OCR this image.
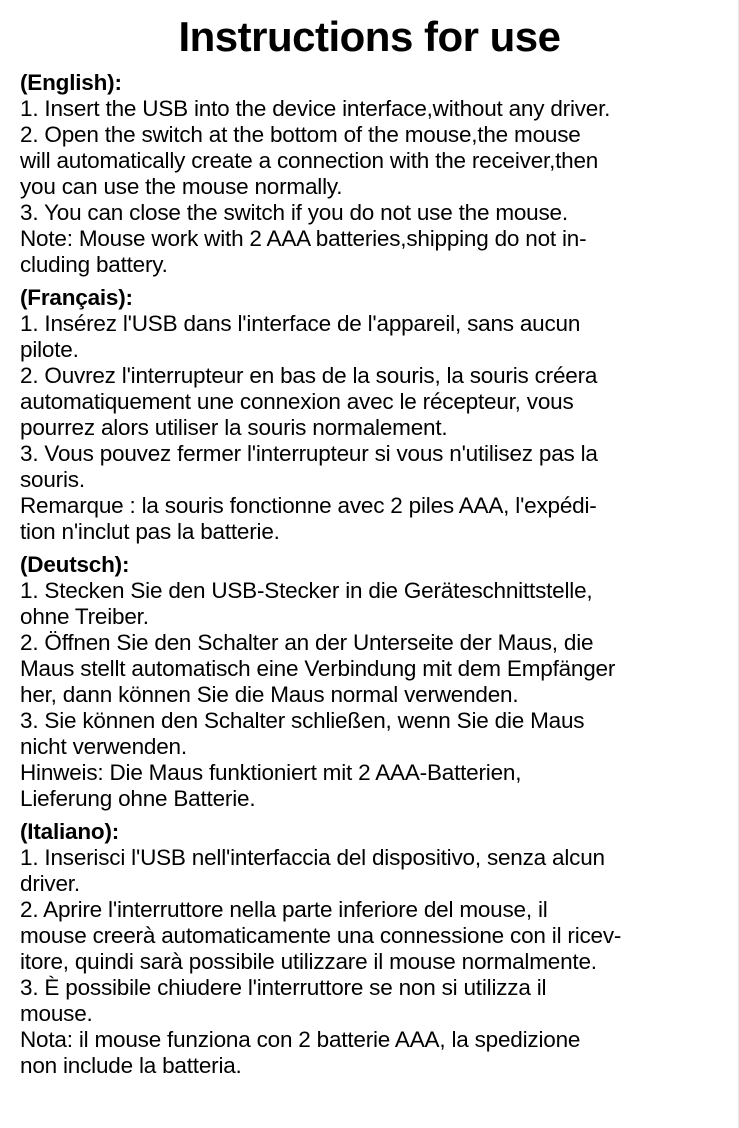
Instructions for use
(English):
1. Insert the USB into the device interface,without any driver.
2. Open the switch at the bottom of the mouse,the mouse
will automatically create a connection with the receiver,then
you can use the mouse normally.
3. You can close the switch if you do not use the mouse.
Note: Mouse work with 2 AAA batteries,shipping do not in-
cluding battery.
(Français):
1. Insérez l'USB dans l'interface de l'appareil, sans aucun
pilote.
2. Ouvrez l'interrupteur en bas de la souris, la souris créera
automatiquement une connexion avec le récepteur, vous
pourrez alors utiliser la souris normalement.
3. Vous pouvez fermer l'interrupteur si vous n'utilisez pas la
souris.
Remarque : la souris fonctionne avec 2 piles AAA, l'expédi-
tion n'inclut pas la batterie.
(Deutsch):
1. Stecken Sie den USB-Stecker in die Geräteschnittstelle,
ohne Treiber.
2. Öffnen Sie den Schalter an der Unterseite der Maus, die
Maus stellt automatisch eine Verbindung mit dem Empfänger
her, dann können Sie die Maus normal verwenden.
3. Sie können den Schalter schließen, wenn Sie die Maus
nicht verwenden.
Hinweis: Die Maus funktioniert mit 2 AAA-Batterien,
Lieferung ohne Batterie.
(Italiano):
1. Inserisci l'USB nell'interfaccia del dispositivo, senza alcun
driver.
2. Aprire l'interruttore nella parte inferiore del mouse, il
mouse creerà automaticamente una connessione con il ricev-
itore, quindi sarà possibile utilizzare il mouse normalmente.
3. È possibile chiudere l'interruttore se non si utilizza il
mouse.
Nota: il mouse funziona con 2 batterie AAA, la spedizione
non include la batteria.
